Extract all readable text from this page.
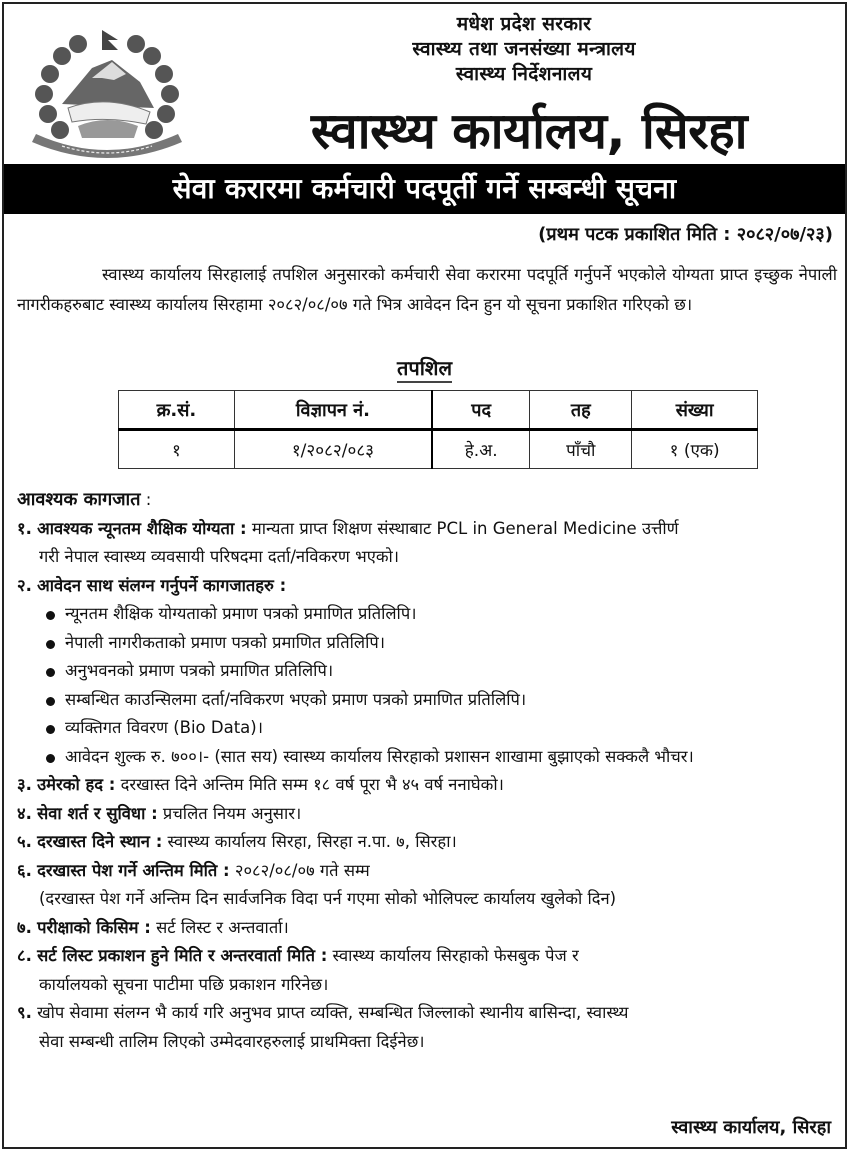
मधेश प्रदेश सरकार
स्वास्थ्य तथा जनसंख्या मन्त्रालय
स्वास्थ्य निर्देशनालय
स्वास्थ्य कार्यालय, सिरहा
सेवा करारमा कर्मचारी पदपूर्ती गर्ने सम्बन्धी सूचना
(प्रथम पटक प्रकाशित मिति : २०८२/०७/२३)
स्वास्थ्य कार्यालय सिरहालाई तपशिल अनुसारको कर्मचारी सेवा करारमा पदपूर्ति गर्नुपर्ने भएकोले योग्यता प्राप्त इच्छुक नेपाली नागरीकहरुबाट स्वास्थ्य कार्यालय सिरहामा २०८२/०८/०७ गते भित्र आवेदन दिन हुन यो सूचना प्रकाशित गरिएको छ।
तपशिल
क्र.सं.	विज्ञापन नं.	पद	तह	संख्या
१	१/२०८२/०८३	हे.अ.	पाँचौ	१ (एक)
आवश्यक कागजात :
१. आवश्यक न्यूनतम शैक्षिक योग्यता : मान्यता प्राप्त शिक्षण संस्थाबाट PCL in General Medicine उत्तीर्ण
गरी नेपाल स्वास्थ्य व्यवसायी परिषदमा दर्ता/नविकरण भएको।
२. आवेदन साथ संलग्न गर्नुपर्ने कागजातहरु :
न्यूनतम शैक्षिक योग्यताको प्रमाण पत्रको प्रमाणित प्रतिलिपि।
नेपाली नागरीकताको प्रमाण पत्रको प्रमाणित प्रतिलिपि।
अनुभवनको प्रमाण पत्रको प्रमाणित प्रतिलिपि।
सम्बन्धित काउन्सिलमा दर्ता/नविकरण भएको प्रमाण पत्रको प्रमाणित प्रतिलिपि।
व्यक्तिगत विवरण (Bio Data)।
आवेदन शुल्क रु. ७००।- (सात सय) स्वास्थ्य कार्यालय सिरहाको प्रशासन शाखामा बुझाएको सक्कलै भौचर।
३. उमेरको हद : दरखास्त दिने अन्तिम मिति सम्म १८ वर्ष पूरा भै ४५ वर्ष ननाघेको।
४. सेवा शर्त र सुविधा : प्रचलित नियम अनुसार।
५. दरखास्त दिने स्थान : स्वास्थ्य कार्यालय सिरहा, सिरहा न.पा. ७, सिरहा।
६. दरखास्त पेश गर्ने अन्तिम मिति : २०८२/०८/०७ गते सम्म
(दरखास्त पेश गर्ने अन्तिम दिन सार्वजनिक विदा पर्न गएमा सोको भोलिपल्ट कार्यालय खुलेको दिन)
७. परीक्षाको किसिम : सर्ट लिस्ट र अन्तवार्ता।
८. सर्ट लिस्ट प्रकाशन हुने मिति र अन्तरवार्ता मिति : स्वास्थ्य कार्यालय सिरहाको फेसबुक पेज र
कार्यालयको सूचना पाटीमा पछि प्रकाशन गरिनेछ।
९. खोप सेवामा संलग्न भै कार्य गरि अनुभव प्राप्त व्यक्ति, सम्बन्धित जिल्लाको स्थानीय बासिन्दा, स्वास्थ्य
सेवा सम्बन्धी तालिम लिएको उम्मेदवारहरुलाई प्राथमिक्ता दिईनेछ।
स्वास्थ्य कार्यालय, सिरहा
